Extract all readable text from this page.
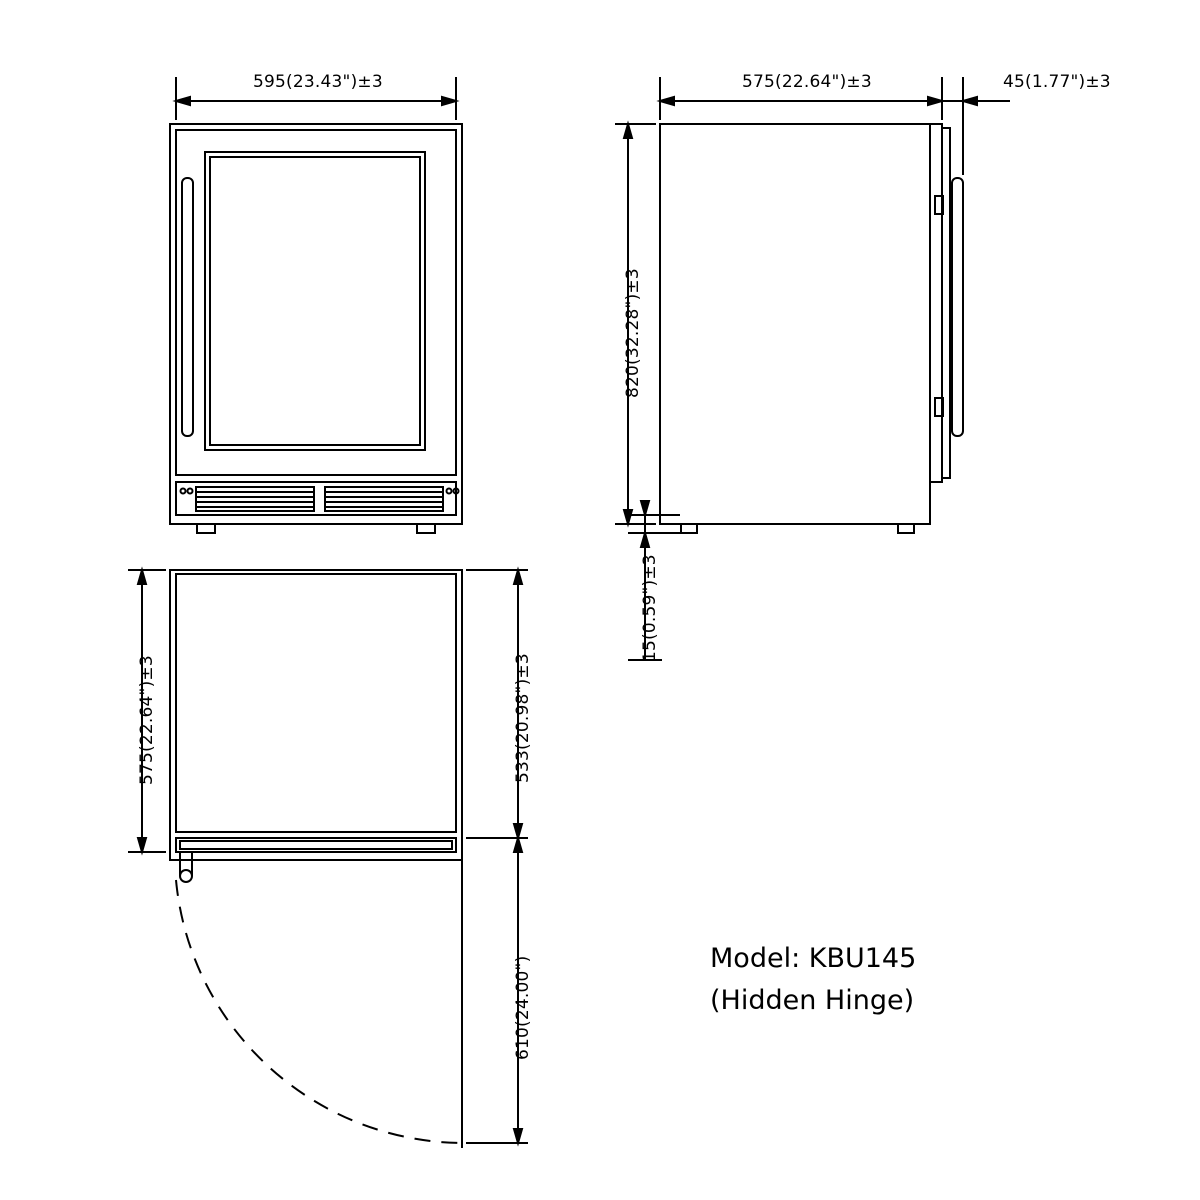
595(23.43")±3	575(22.64")±3	45(1.77")±3
820(32.28")±3
15(0.59")±3
575(22.64")±3	533(20.98")±3
610(24.00")	Model: KBU145
(Hidden Hinge)
